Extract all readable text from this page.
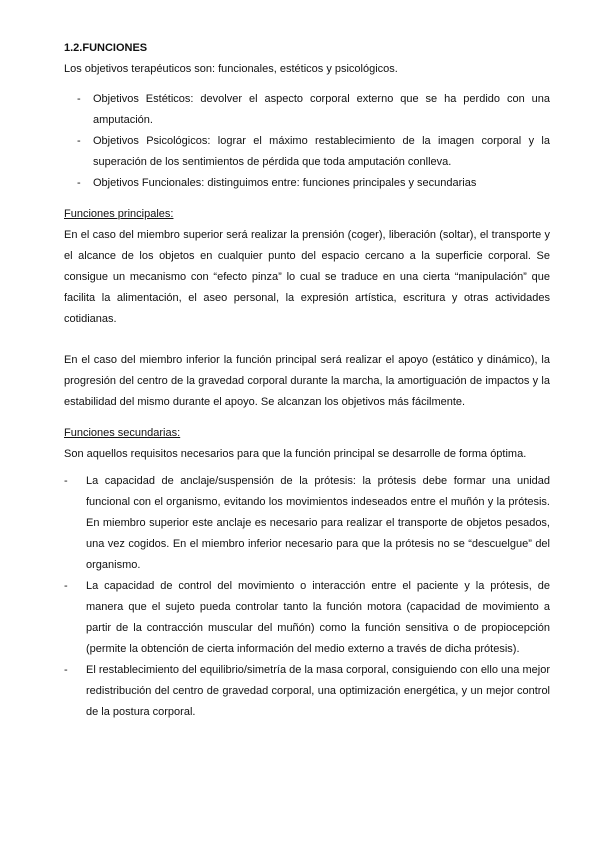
1.2.FUNCIONES

Los objetivos terapéuticos son: funcionales, estéticos y psicológicos.

- Objetivos Estéticos: devolver el aspecto corporal externo que se ha perdido con una amputación.
- Objetivos Psicológicos: lograr el máximo restablecimiento de la imagen corporal y la superación de los sentimientos de pérdida que toda amputación conlleva.
- Objetivos Funcionales: distinguimos entre: funciones principales y secundarias

Funciones principales:

En el caso del miembro superior será realizar la prensión (coger), liberación (soltar), el transporte y el alcance de los objetos en cualquier punto del espacio cercano a la superficie corporal. Se consigue un mecanismo con “efecto pinza” lo cual se traduce en una cierta “manipulación” que facilita la alimentación, el aseo personal, la expresión artística, escritura y otras actividades cotidianas.

En el caso del miembro inferior la función principal será realizar el apoyo (estático y dinámico), la progresión del centro de la gravedad corporal durante la marcha, la amortiguación de impactos y la estabilidad del mismo durante el apoyo. Se alcanzan los objetivos más fácilmente.

Funciones secundarias:

Son aquellos requisitos necesarios para que la función principal se desarrolle de forma óptima.

- La capacidad de anclaje/suspensión de la prótesis: la prótesis debe formar una unidad funcional con el organismo, evitando los movimientos indeseados entre el muñón y la prótesis. En miembro superior este anclaje es necesario para realizar el transporte de objetos pesados, una vez cogidos. En el miembro inferior necesario para que la prótesis no se “descuelgue” del organismo.
- La capacidad de control del movimiento o interacción entre el paciente y la prótesis, de manera que el sujeto pueda controlar tanto la función motora (capacidad de movimiento a partir de la contracción muscular del muñón) como la función sensitiva o de propiocepción (permite la obtención de cierta información del medio externo a través de dicha prótesis).
- El restablecimiento del equilibrio/simetría de la masa corporal, consiguiendo con ello una mejor redistribución del centro de gravedad corporal, una optimización energética, y un mejor control de la postura corporal.
